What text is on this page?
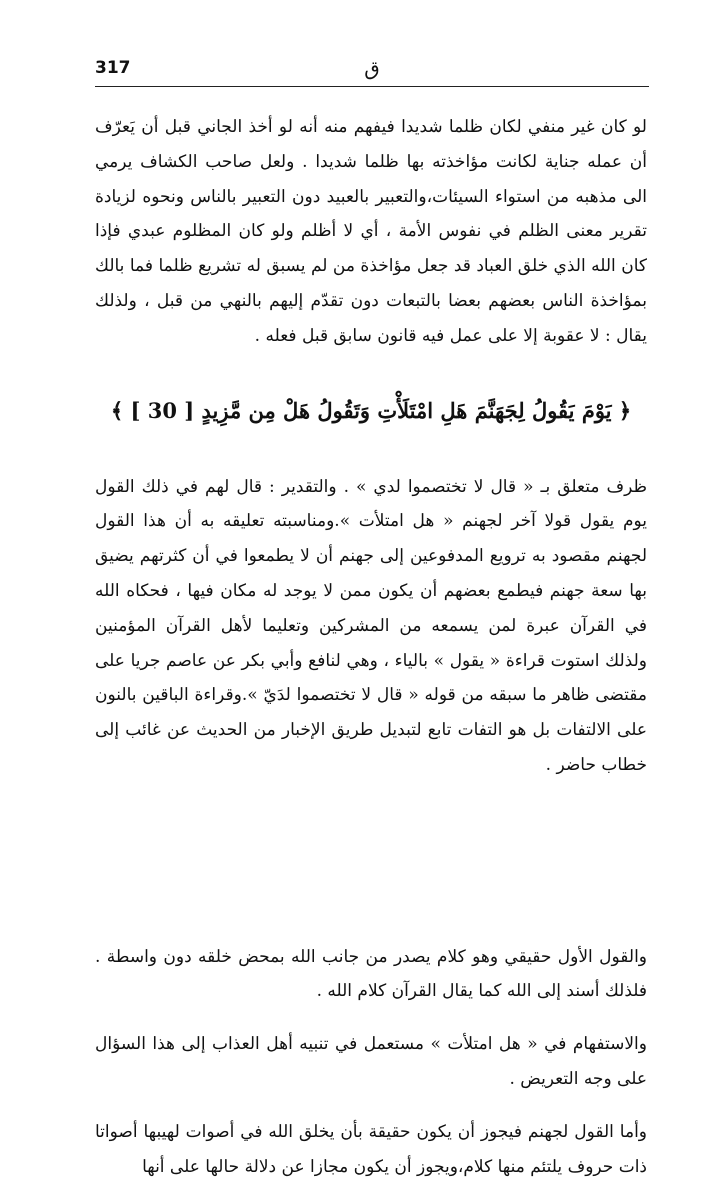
317	ق

لو كان غير منفي لكان ظلما شديدا فيفهم منه أنه لو أخذ الجاني قبل أن يَعرّف أن عمله جناية لكانت مؤاخذته بها ظلما شديدا . ولعل صاحب الكشاف يرمي الى مذهبه من استواء السيئات،والتعبير بالعبيد دون التعبير بالناس ونحوه لزيادة تقرير معنى الظلم في نفوس الأمة ، أي لا أظلم ولو كان المظلوم عبدي فإذا كان الله الذي خلق العباد قد جعل مؤاخذة من لم يسبق له تشريع ظلما فما بالك بمؤاخذة الناس بعضهم بعضا بالتبعات دون تقدّم إليهم بالنهي من قبل ، ولذلك يقال : لا عقوبة إلا على عمل فيه قانون سابق قبل فعله .

﴿ يَوْمَ يَقُولُ لِجَهَنَّمَ هَلِ امْتَلَأْتِ وَتَقُولُ هَلْ مِن مَّزِيدٍ [ 30 ] ﴾

ظرف متعلق بـ « قال لا تختصموا لدي » . والتقدير : قال لهم في ذلك القول يوم يقول قولا آخر لجهنم « هل امتلأت ».ومناسبته تعليقه به أن هذا القول لجهنم مقصود به ترويع المدفوعين إلى جهنم أن لا يطمعوا في أن كثرتهم يضيق بها سعة جهنم فيطمع بعضهم أن يكون ممن لا يوجد له مكان فيها ، فحكاه الله في القرآن عبرة لمن يسمعه من المشركين وتعليما لأهل القرآن المؤمنين ولذلك استوت قراءة « يقول » بالياء ، وهي لنافع وأبي بكر عن عاصم جريا على مقتضى ظاهر ما سبقه من قوله « قال لا تختصموا لدَيّ ».وقراءة الباقين بالنون على الالتفات بل هو التفات تابع لتبديل طريق الإخبار من الحديث عن غائب إلى خطاب حاضر .

والقول الأول حقيقي وهو كلام يصدر من جانب الله بمحض خلقه دون واسطة . فلذلك أسند إلى الله كما يقال القرآن كلام الله .

والاستفهام في « هل امتلأت » مستعمل في تنبيه أهل العذاب إلى هذا السؤال على وجه التعريض .

وأما القول لجهنم فيجوز أن يكون حقيقة بأن يخلق الله في أصوات لهيبها أصواتا ذات حروف يلتئم منها كلام،ويجوز أن يكون مجازا عن دلالة حالها على أنها
